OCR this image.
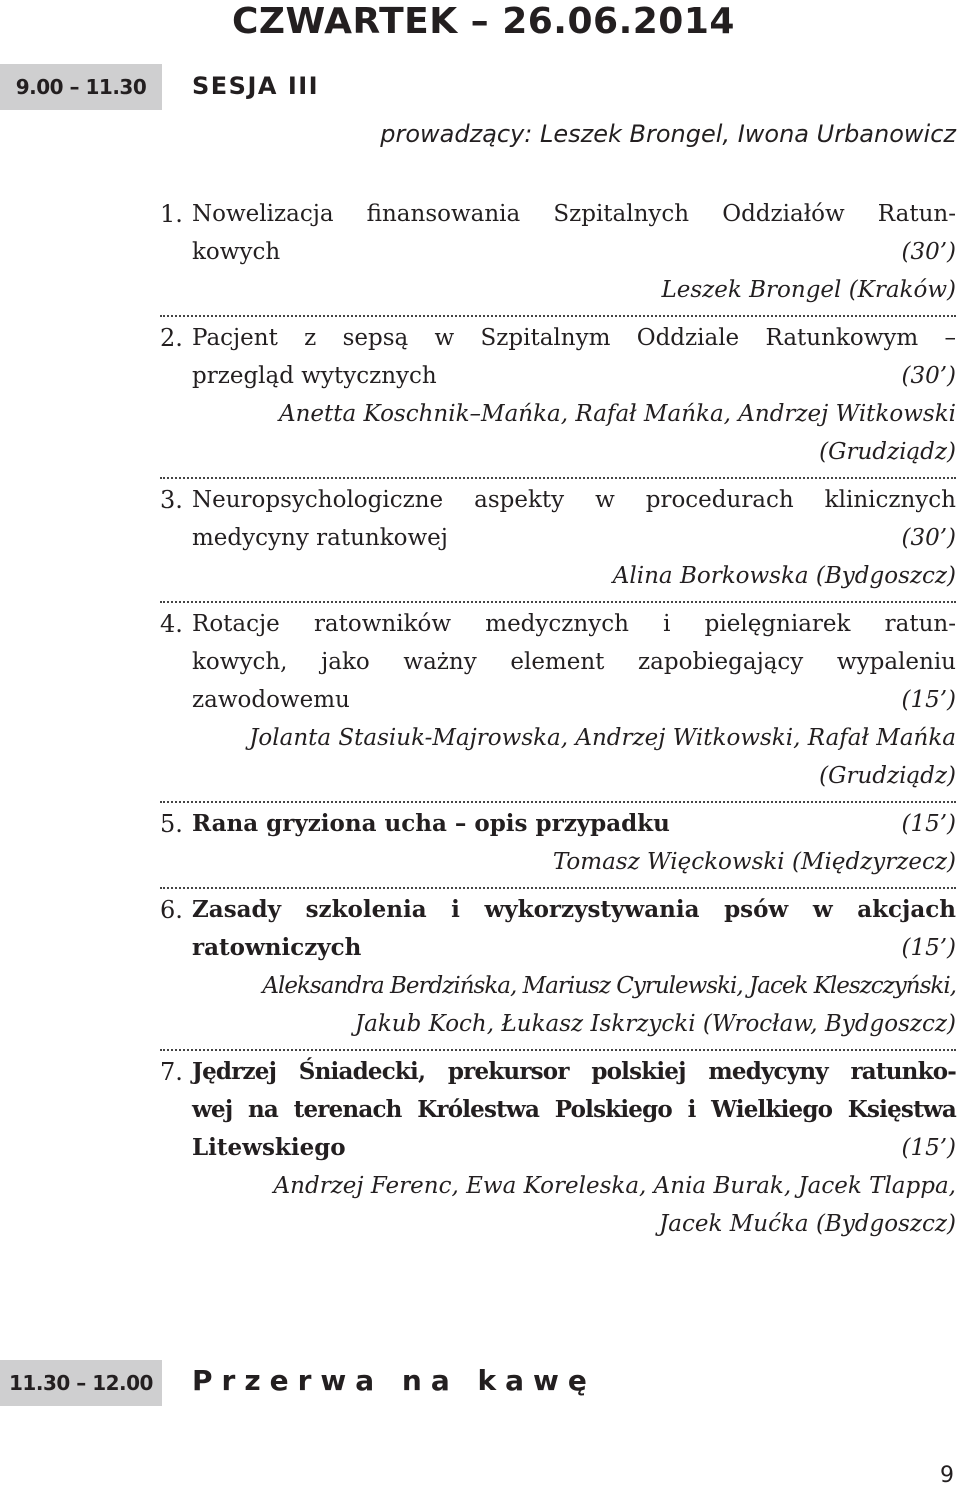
CZWARTEK – 26.06.2014
9.00 – 11.30	SESJA III
prowadzący: Leszek Brongel, Iwona Urbanowicz
1. Nowelizacja finansowania Szpitalnych Oddziałów Ratun-
kowych	(30’)
Leszek Brongel (Kraków)
2. Pacjent z sepsą w Szpitalnym Oddziale Ratunkowym –
przegląd wytycznych	(30’)
Anetta Koschnik–Mańka, Rafał Mańka, Andrzej Witkowski
(Grudziądz)
3. Neuropsychologiczne aspekty w procedurach klinicznych
medycyny ratunkowej	(30’)
Alina Borkowska (Bydgoszcz)
4. Rotacje ratowników medycznych i pielęgniarek ratun-
kowych, jako ważny element zapobiegający wypaleniu
zawodowemu	(15’)
Jolanta Stasiuk-Majrowska, Andrzej Witkowski, Rafał Mańka
(Grudziądz)
5. Rana gryziona ucha – opis przypadku	(15’)
Tomasz Więckowski (Międzyrzecz)
6. Zasady szkolenia i wykorzystywania psów w akcjach
ratowniczych	(15’)
Aleksandra Berdzińska, Mariusz Cyrulewski, Jacek Kleszczyński,
Jakub Koch, Łukasz Iskrzycki (Wrocław, Bydgoszcz)
7. Jędrzej Śniadecki, prekursor polskiej medycyny ratunko-
wej na terenach Królestwa Polskiego i Wielkiego Księstwa
Litewskiego	(15’)
Andrzej Ferenc, Ewa Koreleska, Ania Burak, Jacek Tlappa,
Jacek Mućka (Bydgoszcz)
11.30 – 12.00	Przerwa na kawę
9
